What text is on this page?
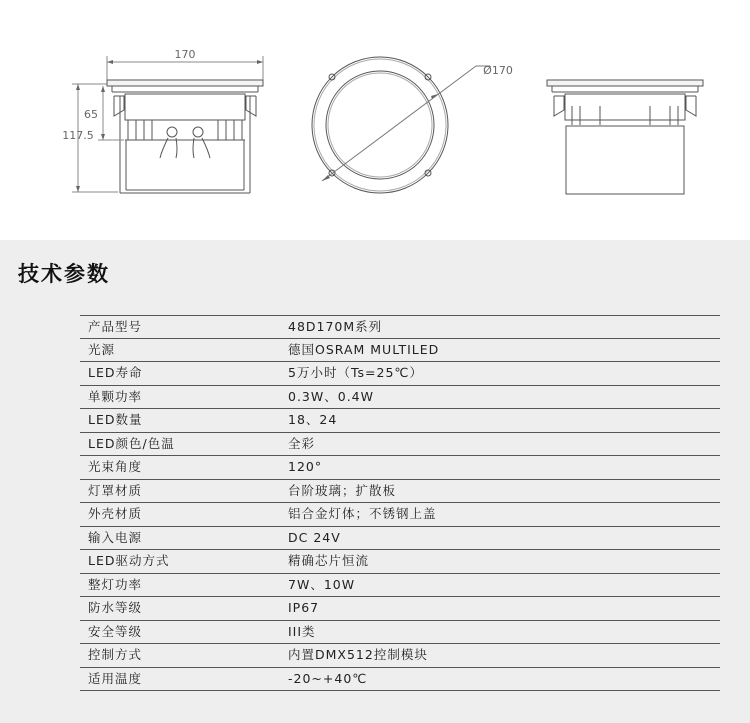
170
65
117.5
Ø170
技术参数
产品型号	48D170M系列
光源	德国OSRAM MULTILED
LED寿命	5万小时（Ts=25℃）
单颗功率	0.3W、0.4W
LED数量	18、24
LED颜色/色温	全彩
光束角度	120°
灯罩材质	台阶玻璃；扩散板
外壳材质	铝合金灯体；不锈钢上盖
输入电源	DC 24V
LED驱动方式	精确芯片恒流
整灯功率	7W、10W
防水等级	IP67
安全等级	III类
控制方式	内置DMX512控制模块
适用温度	-20~+40℃
